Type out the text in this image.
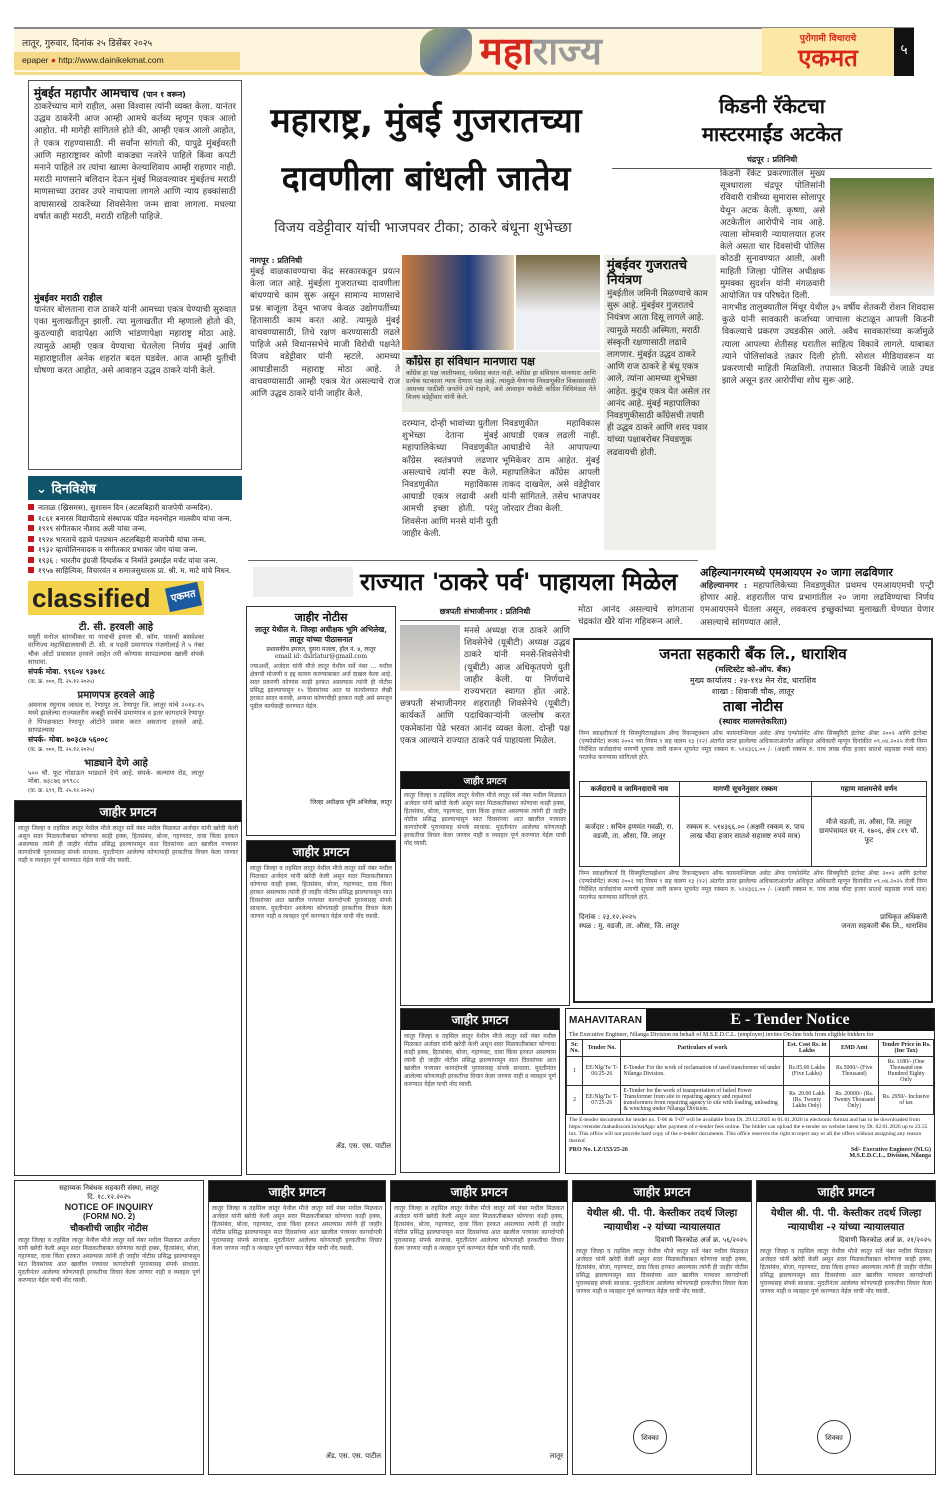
लातूर, गुरुवार, दिनांक २५ डिसेंबर २०२५
epaper ● http://www.dainikekmat.com	महाराज्य	पुरोगामी विचाराचे
एकमत	५
मुंबईत महापौर आमचाच (पान १ वरून)

ठाकरेंच्याच मागे राहील, असा विश्वास त्यांनी व्यक्त केला. यानंतर उद्धव ठाकरेंनी आज आम्ही आमचे कर्तव्य म्हणून एकत्र आलो आहोत. मी मागेही सांगितले होते की, आम्ही एकत्र आलो आहोत, ते एकत्र राहण्यासाठी. मी सर्वांना सांगतो की, यापुढे मुंबईवरती आणि महाराष्ट्रावर कोणी वाकड्या नजरेने पाहिले किंवा कपटी मनाने पाहिले तर त्यांचा खात्मा केल्याशिवाय आम्ही राहणार नाही. मराठी माणसाने बलिदान देऊन मुंबई मिळवल्यावर मुंबईतच मराठी माणसाच्या उरावर उपरे नाचायला लागले आणि न्याय हक्कांसाठी वाघासारखे ठाकरेंच्या शिवसेनेला जन्म द्यावा लागला. मधल्या वर्षात काही मराठी, मराठी राहिली पाहिजे.

मुंबईवर मराठी राहील

यानंतर बोलताना राज ठाकरे यांनी आमच्या एकत्र येण्याची सुरुवात एका मुलाखतीतून झाली. त्या मुलाखतीत मी म्हणालो होतो की, कुठल्याही वादापेक्षा आणि भांडणापेक्षा महाराष्ट्र मोठा आहे. त्यामुळे आम्ही एकत्र येण्याचा घेतलेला निर्णय मुंबई आणि महाराष्ट्रातील अनेक शहरांत बदल घडवेल. आज आम्ही युतीची घोषणा करत आहोत, असे आवाहन उद्धव ठाकरे यांनी केले.

⌄ दिनविशेष
नाताळ (ख्रिसमस), सुशासन दिन (अटलबिहारी वाजपेयी जन्मदिन).
१८६१ बनारस विद्यापीठाचे संस्थापक पंडित मदनमोहन मालवीय यांचा जन्म.
१९१९ संगीतकार नौशाद अली यांचा जन्म.
१९२४ भारताचे दहावे पंतप्रधान अटलबिहारी वाजपेयी यांचा जन्म.
१९३२ व्हायोलिनवादक व संगीतकार प्रभाकर जोग यांचा जन्म.
१९३६ : भारतीय इंग्रजी दिग्दर्शक व निर्माते इस्माईल मर्चंट यांचा जन्म.
१९५७ साहित्यिक, विचारवंत व समाजसुधारक प्रा. श्री. म. माटे यांचे निधन.
classified	एकमत
टी. सी. हरवली आहे

मयूरी मनोज सांगवीकर या नावाची इयत्ता बी. कॉम. पासची बसवेश्वर वाणिज्य महाविद्यालयाची टी. सी. व पदवी प्रमाणपत्र गंजगोलाई ते ५ नंबर चौक ऑटो प्रवासात हरवले आहेत तरी कोणास सापडल्यास खाली संपर्क साधावा.

संपर्क मोबा. ९९६०४ ९३७१८
(वा. क्र. ०००, दि. २५.१२.२०२५)
प्रमाणपत्र हरवले आहे

अमनाथ रघुनाथ जाधव रा. रेणापूर ता. रेणापूर जि. लातूर यांचे २०१४-१५ मध्ये झालेल्या राज्यस्तरीय कबड्डी स्पर्धेचे प्रमाणपत्र व इतर कागदपत्रे रेणापूर ते पिंपळफाटा रेणापूर ऑटोने प्रवास करत असताना हरवले आहे. सापडल्यास

संपर्क- मोबा. ७०३८७ ५६००८
(वा. क्र. ०००, दि. २५.१२.२०२५)
भाड्याने देणे आहे

५०० चौ. फूट गोडाऊन भाड्याने देणे आहे. संपर्क- कल्याण रोड, लातूर मोबा. ७३८७६ ७९९८८

(वा. क्र. ६९९, दि. २५.१२.२०२५)
जाहीर प्रगटन

लातूर जिल्हा व तहसिल लातूर येथील मौजे लातूर सर्वे नंबर मधील मिळकत अर्जदार यांनी खरेदी केली असून सदर मिळकतीबाबत कोणाचा काही हक्क, हितसंबंध, बोजा, गहाणवट, दावा किंवा हरकत असल्यास त्यांनी ही जाहीर नोटीस प्रसिद्ध झाल्यापासून सात दिवसांच्या आत खालील पत्त्यावर कागदोपत्री पुराव्यासह संपर्क साधावा. मुदतीनंतर आलेल्या कोणत्याही हरकतीचा विचार केला जाणार नाही व व्यवहार पूर्ण करण्यात येईल याची नोंद घ्यावी.

महाराष्ट्र, मुंबई गुजरातच्या
दावणीला बांधली जातेय
विजय वडेट्टीवार यांची भाजपवर टीका; ठाकरे बंधूना शुभेच्छा
नागपूर : प्रतिनिधी

मुंबई वाळकावण्याचा केंद्र सरकारकडून प्रयत्न केला जात आहे. मुंबईला गुजरातच्या दावणीला बांधण्याचे काम सुरू असून सामान्य माणसाचे प्रश्न बाजूला ठेवून भाजप केवळ उद्योगपतींच्या हितासाठी काम करत आहे. त्यामुळे मुंबई वाचवण्यासाठी, तिचे रक्षण करण्यासाठी लढले पाहिजे असे विधानसभेचे माजी विरोधी पक्षनेते विजय वडेट्टीवार यांनी म्हटले. आमच्या आघाडीसाठी महाराष्ट्र मोठा आहे. ते वाचवण्यासाठी आम्ही एकत्र येत असल्याचे राज आणि उद्धव ठाकरे यांनी जाहीर केले.

काँग्रेस हा संविधान मानणारा पक्ष

काँग्रेस हा पक्ष जातीयवाद, धर्मवाद करत नाही. काँग्रेस हा संविधान मानणारा आणि प्रत्येक घटकाला न्याय देणारा पक्ष आहे. त्यामुळे येणाऱ्या निवडणुकीत विकासासाठी आमच्या पाठीशी जनतेने उभे राहावे, असे आवाहन यावेळी काँग्रेस विधिमंडळ नेते विजय वडेट्टीवार यांनी केले.

दरम्यान, दोन्ही भावांच्या युतीला शुभेच्छा देताना मुंबई महापालिकेच्या निवडणुकीत काँग्रेस स्वतंत्रपणे लढणार असल्याचे त्यांनी स्पष्ट केले. निवडणुकीत महाविकास आघाडी एकत्र लढावी अशी आमची इच्छा होती. परंतु शिवसेना आणि मनसे यांनी युती जाहीर केली.

निवडणुकीत महाविकास आघाडी एकत्र लढली नाही. आघाडीचे नेते आपापल्या भूमिकेवर ठाम आहेत. मुंबई महापालिकेत काँग्रेस आपली ताकद दाखवेल, असे वडेट्टीवार यांनी सांगितले. तसेच भाजपवर जोरदार टीका केली.

मुंबईवर गुजरातचे नियंत्रण

मुंबईतील जमिनी मिळण्याचे काम सुरू आहे. मुंबईवर गुजरातचे नियंत्रण आता दिसू लागले आहे. त्यामुळे मराठी अस्मिता, मराठी संस्कृती रक्षणासाठी लढावे लागणार. मुंबईत उद्धव ठाकरे आणि राज ठाकरे हे बंधू एकत्र आले, त्यांना आमच्या शुभेच्छा आहेत. कुटुंब एकत्र येत असेल तर आनंद आहे. मुंबई महापालिका निवडणुकीसाठी काँग्रेसची तयारी ही उद्धव ठाकरे आणि शरद पवार यांच्या पक्षाबरोबर निवडणूक लढवायची होती.

किडनी रॅकेटचा
मास्टरमाईंड अटकेत
चंद्रपूर : प्रतिनिधी

किडनी रॅकेट प्रकरणातील मुख्य सूत्रधाराला चंद्रपूर पोलिसांनी रविवारी रात्रीच्या सुमारास सोलापूर येथून अटक केली. कृष्णा, असे अटकेतील आरोपीचे नाव आहे. त्याला सोमवारी न्यायालयात हजर केले असता चार दिवसांची पोलिस कोठडी सुनावण्यात आली, अशी माहिती जिल्हा पोलिस अधीक्षक मुमक्का सुदर्शन यांनी मंगळवारी आयोजित पत्र परिषदेत दिली.

नागभीड तालुक्यातील मिंथूर येथील ३५ वर्षीय शेतकरी रोशन शिवदास कुळे यांनी सावकारी कर्जाच्या जाचाला कंटाळून आपली किडनी विकल्याचे प्रकरण उघडकीस आले. अवैध सावकारांच्या कर्जामुळे त्याला आपल्या शेतीसह घरातील साहित्य विकावे लागले. याबाबत त्याने पोलिसांकडे तक्रार दिली होती. सोशल मीडियावरून या प्रकरणाची माहिती मिळविली. तपासात किडनी विक्रीचे जाळे उघड झाले असून इतर आरोपींचा शोध सुरू आहे.

राज्यात 'ठाकरे पर्व' पाहायला मिळेल
छत्रपती संभाजीनगर : प्रतिनिधी

मनसे अध्यक्ष राज ठाकरे आणि शिवसेनेचे (यूबीटी) अध्यक्ष उद्धव ठाकरे यांनी मनसे-शिवसेनेची (यूबीटी) आज अधिकृतपणे युती जाहीर केली. या निर्णयाचे राज्यभरात स्वागत होत आहे. छत्रपती संभाजीनगर शहरातही शिवसेनेचे (यूबीटी) कार्यकर्ते आणि पदाधिकाऱ्यांनी जल्लोष करत एकमेकांना पेढे भरवत आनंद व्यक्त केला. दोन्ही पक्ष एकत्र आल्याने राज्यात ठाकरे पर्व पाहायला मिळेल.

जाहीर प्रगटन

लातूर जिल्हा व तहसिल लातूर येथील मौजे लातूर सर्वे नंबर मधील मिळकत अर्जदार यांनी खरेदी केली असून सदर मिळकतीबाबत कोणाचा काही हक्क, हितसंबंध, बोजा, गहाणवट, दावा किंवा हरकत असल्यास त्यांनी ही जाहीर नोटीस प्रसिद्ध झाल्यापासून सात दिवसांच्या आत खालील पत्त्यावर कागदोपत्री पुराव्यासह संपर्क साधावा. मुदतीनंतर आलेल्या कोणत्याही हरकतीचा विचार केला जाणार नाही व व्यवहार पूर्ण करण्यात येईल याची नोंद घ्यावी.

मोठा आनंद असल्याचे सांगताना चंद्रकांत खैरे यांना गहिवरून आले.

अहिल्यानगरमध्ये एमआयएम २० जागा लढविणार

अहिल्यानगर : महापालिकेच्या निवडणुकीत प्रथमच एमआयएमची एन्ट्री होणार आहे. शहरातील पाच प्रभागांतील २० जागा लढविण्याचा निर्णय एमआयएमने घेतला असून, लवकरच इच्छुकांच्या मुलाखती घेण्यात येणार असल्याचे सांगण्यात आले.

जाहीर नोटीस
लातूर येथील मे. जिल्हा अधीक्षक भूमि अभिलेख, लातूर यांच्या पीठासनात
प्रशासकीय इमारत, दुसरा मजला, हॉल नं. ४, लातूर
email id: dslrlatur@gmail.com

ज्याअर्थी, अर्जदार यांनी मौजे लातूर येथील सर्वे नंबर ... मधील क्षेत्राची मोजणी व हद्द कायम करण्याबाबत अर्ज दाखल केला आहे. सदर प्रकरणी कोणास काही हरकत असल्यास त्यांनी ही नोटीस प्रसिद्ध झाल्यापासून १५ दिवसांच्या आत या कार्यालयात लेखी हरकत सादर करावी, अन्यथा कोणाचीही हरकत नाही असे समजून पुढील कार्यवाही करण्यात येईल.

जिल्हा अधीक्षक भूमि अभिलेख, लातूर
जाहीर प्रगटन

लातूर जिल्हा व तहसिल लातूर येथील मौजे लातूर सर्वे नंबर मधील मिळकत अर्जदार यांनी खरेदी केली असून सदर मिळकतीबाबत कोणाचा काही हक्क, हितसंबंध, बोजा, गहाणवट, दावा किंवा हरकत असल्यास त्यांनी ही जाहीर नोटीस प्रसिद्ध झाल्यापासून सात दिवसांच्या आत खालील पत्त्यावर कागदोपत्री पुराव्यासह संपर्क साधावा. मुदतीनंतर आलेल्या कोणत्याही हरकतीचा विचार केला जाणार नाही व व्यवहार पूर्ण करण्यात येईल याची नोंद घ्यावी.

ॲड. एस. एस. पाटील
जनता सहकारी बँक लि., धाराशिव
(मल्टिस्टेट को-ऑप. बँक)
मुख्य कार्यालय : २४-११४ मेन रोड, धाराशिव
शाखा : शिवाजी चौक, लातूर
ताबा नोटीस
(स्थावर मालमत्तेकरिता)

निम्न स्वाक्षरीकर्ता दि सिक्युरिटायझेशन ॲण्ड रिकन्स्ट्रक्शन ऑफ फायनान्शियल असेट ॲण्ड एन्फोर्समेंट ऑफ सिक्युरिटी इंटरेस्ट ॲक्ट २००२ आणि इंटरेस्ट (एन्फोर्समेंट) रूल्स २००२ च्या नियम ९ सह कलम १३ (१२) अंतर्गत प्राप्त झालेल्या अधिकाराअंतर्गत अधिकृत अधिकारी म्हणून दिनांकीत ०९.०४.२०२५ रोजी निम्न निर्देशित कर्जदारांना मागणी सूचना जारी करून सूचनेत नमूद रक्कम रु. ५१४३६६.०० /- (अक्षरी रक्कम रु. पाच लाख चौदा हजार सातशे सहासष्ट रुपये मात्र) परतफेड करण्यास सांगितले होते.

कर्जदाराचे व जामिनदाराचे नाव	मागणी सूचनेनुसार रक्कम	गहाण मालमत्तेचे वर्णन
कर्जदार : सचिन हणमंत गवळी, रा. वडजी, ता. औसा, जि. लातूर	रक्कम रु. ५१४३६६.०० (अक्षरी रक्कम रु. पाच लाख चौदा हजार सातशे सहासष्ट रुपये मात्र)	मौजे वडजी, ता. औसा, जि. लातूर ग्रामपंचायत घर नं. १७०६, क्षेत्र ८१९ चौ. फूट

निम्न स्वाक्षरीकर्ता दि सिक्युरिटायझेशन ॲण्ड रिकन्स्ट्रक्शन ऑफ फायनान्शियल असेट ॲण्ड एन्फोर्समेंट ऑफ सिक्युरिटी इंटरेस्ट ॲक्ट २००२ आणि इंटरेस्ट (एन्फोर्समेंट) रूल्स २००२ च्या नियम ९ सह कलम १३ (१२) अंतर्गत प्राप्त झालेल्या अधिकाराअंतर्गत अधिकृत अधिकारी म्हणून दिनांकीत ०९.०४.२०२५ रोजी निम्न निर्देशित कर्जदारांना मागणी सूचना जारी करून सूचनेत नमूद रक्कम रु. ५१४३६६.०० /- (अक्षरी रक्कम रु. पाच लाख चौदा हजार सातशे सहासष्ट रुपये मात्र) परतफेड करण्यास सांगितले होते.

दिनांक : २३.१२.२०२५
स्थळ : मु. वडजी, ता. औसा, जि. लातूर
प्राधिकृत अधिकारी
जनता सहकारी बँक लि., धाराशिव
MAHAVITARAN	E - Tender Notice
The Executive Engineer, Nilanga Division on behalf of M.S.E.D.C.L. (employer) invites On-line bids from eligible bidders for
Sr. No.	Tender No.	Particulars of work	Est. Cost Rs. in Lakhs	EMD Amt	Tender Price in Rs. (Inc Tax)
1	EE/Nlg/Ts/ T-06/25-26	E-Tender For the work of reclamation of used transformer oil under Nilanga Division.	Rs.05.00 Lakhs (Five Lakhs)	Rs.5000/- (Five Thousand)	Rs. 1180/- (One Thousand one Hundred Eighty Only
2	EE/Nlg/Ts/ T-07/25-26	E-Tender for the work of transportation of failed Power Transformer from site to repairing agency and repaired transformers from repairing agency to site with loading, unloading & winching under Nilanga Division.	Rs. 20.00 Lakh (Rs. Twenty Lakhs Only)	Rs. 20000/- (Rs. Twenty Thousand Only)	Rs. 2950/- Inclusive of tax
The E-tender documents for tender no. T-06 & T-07 will be available from Dt. 29.12.2025 to 01.01.2026 in electronic format and has to be downloaded from https://etender.mahadiscom.in/eatApp/ after payment of e-tender fees online. The bidder can upload the e-tender on website latest by Dt. 02.01.2026 up to 23.55 hrs. This office will not provide hard copy of the e-tender documents. This office reserves the right to reject any or all the offers without assigning any reason thereof.
PRO No. LZ/153/25-26	Sd/- Executive Engineer (NLG)
M.S.E.D.C.L., Division, Nilanga
जाहीर प्रगटन

लातूर जिल्हा व तहसिल लातूर येथील मौजे लातूर सर्वे नंबर मधील मिळकत अर्जदार यांनी खरेदी केली असून सदर मिळकतीबाबत कोणाचा काही हक्क, हितसंबंध, बोजा, गहाणवट, दावा किंवा हरकत असल्यास त्यांनी ही जाहीर नोटीस प्रसिद्ध झाल्यापासून सात दिवसांच्या आत खालील पत्त्यावर कागदोपत्री पुराव्यासह संपर्क साधावा. मुदतीनंतर आलेल्या कोणत्याही हरकतीचा विचार केला जाणार नाही व व्यवहार पूर्ण करण्यात येईल याची नोंद घ्यावी.

सहाय्यक निबंधक सहकारी संस्था, लातूर
दि. १८.१२.२०२५
NOTICE OF INQUIRY
(FORM NO. 2)
चौकशीची जाहीर नोटीस

लातूर जिल्हा व तहसिल लातूर येथील मौजे लातूर सर्वे नंबर मधील मिळकत अर्जदार यांनी खरेदी केली असून सदर मिळकतीबाबत कोणाचा काही हक्क, हितसंबंध, बोजा, गहाणवट, दावा किंवा हरकत असल्यास त्यांनी ही जाहीर नोटीस प्रसिद्ध झाल्यापासून सात दिवसांच्या आत खालील पत्त्यावर कागदोपत्री पुराव्यासह संपर्क साधावा. मुदतीनंतर आलेल्या कोणत्याही हरकतीचा विचार केला जाणार नाही व व्यवहार पूर्ण करण्यात येईल याची नोंद घ्यावी.

जाहीर प्रगटन

लातूर जिल्हा व तहसिल लातूर येथील मौजे लातूर सर्वे नंबर मधील मिळकत अर्जदार यांनी खरेदी केली असून सदर मिळकतीबाबत कोणाचा काही हक्क, हितसंबंध, बोजा, गहाणवट, दावा किंवा हरकत असल्यास त्यांनी ही जाहीर नोटीस प्रसिद्ध झाल्यापासून सात दिवसांच्या आत खालील पत्त्यावर कागदोपत्री पुराव्यासह संपर्क साधावा. मुदतीनंतर आलेल्या कोणत्याही हरकतीचा विचार केला जाणार नाही व व्यवहार पूर्ण करण्यात येईल याची नोंद घ्यावी.

ॲड. एस. एस. पाटील
जाहीर प्रगटन

लातूर जिल्हा व तहसिल लातूर येथील मौजे लातूर सर्वे नंबर मधील मिळकत अर्जदार यांनी खरेदी केली असून सदर मिळकतीबाबत कोणाचा काही हक्क, हितसंबंध, बोजा, गहाणवट, दावा किंवा हरकत असल्यास त्यांनी ही जाहीर नोटीस प्रसिद्ध झाल्यापासून सात दिवसांच्या आत खालील पत्त्यावर कागदोपत्री पुराव्यासह संपर्क साधावा. मुदतीनंतर आलेल्या कोणत्याही हरकतीचा विचार केला जाणार नाही व व्यवहार पूर्ण करण्यात येईल याची नोंद घ्यावी.

लातूर
जाहीर प्रगटन
येथील श्री. पी. पी. केस्तीकर तदर्थ जिल्हा न्यायाधीश -२ यांच्या न्यायालयात
दिवाणी किरकोळ अर्ज क्र. ५६/२०२५

लातूर जिल्हा व तहसिल लातूर येथील मौजे लातूर सर्वे नंबर मधील मिळकत अर्जदार यांनी खरेदी केली असून सदर मिळकतीबाबत कोणाचा काही हक्क, हितसंबंध, बोजा, गहाणवट, दावा किंवा हरकत असल्यास त्यांनी ही जाहीर नोटीस प्रसिद्ध झाल्यापासून सात दिवसांच्या आत खालील पत्त्यावर कागदोपत्री पुराव्यासह संपर्क साधावा. मुदतीनंतर आलेल्या कोणत्याही हरकतीचा विचार केला जाणार नाही व व्यवहार पूर्ण करण्यात येईल याची नोंद घ्यावी.

शिक्का
जाहीर प्रगटन
येथील श्री. पी. पी. केस्तीकर तदर्थ जिल्हा न्यायाधीश -२ यांच्या न्यायालयात
दिवाणी किरकोळ अर्ज क्र. २१/२०२५

लातूर जिल्हा व तहसिल लातूर येथील मौजे लातूर सर्वे नंबर मधील मिळकत अर्जदार यांनी खरेदी केली असून सदर मिळकतीबाबत कोणाचा काही हक्क, हितसंबंध, बोजा, गहाणवट, दावा किंवा हरकत असल्यास त्यांनी ही जाहीर नोटीस प्रसिद्ध झाल्यापासून सात दिवसांच्या आत खालील पत्त्यावर कागदोपत्री पुराव्यासह संपर्क साधावा. मुदतीनंतर आलेल्या कोणत्याही हरकतीचा विचार केला जाणार नाही व व्यवहार पूर्ण करण्यात येईल याची नोंद घ्यावी.

शिक्का
